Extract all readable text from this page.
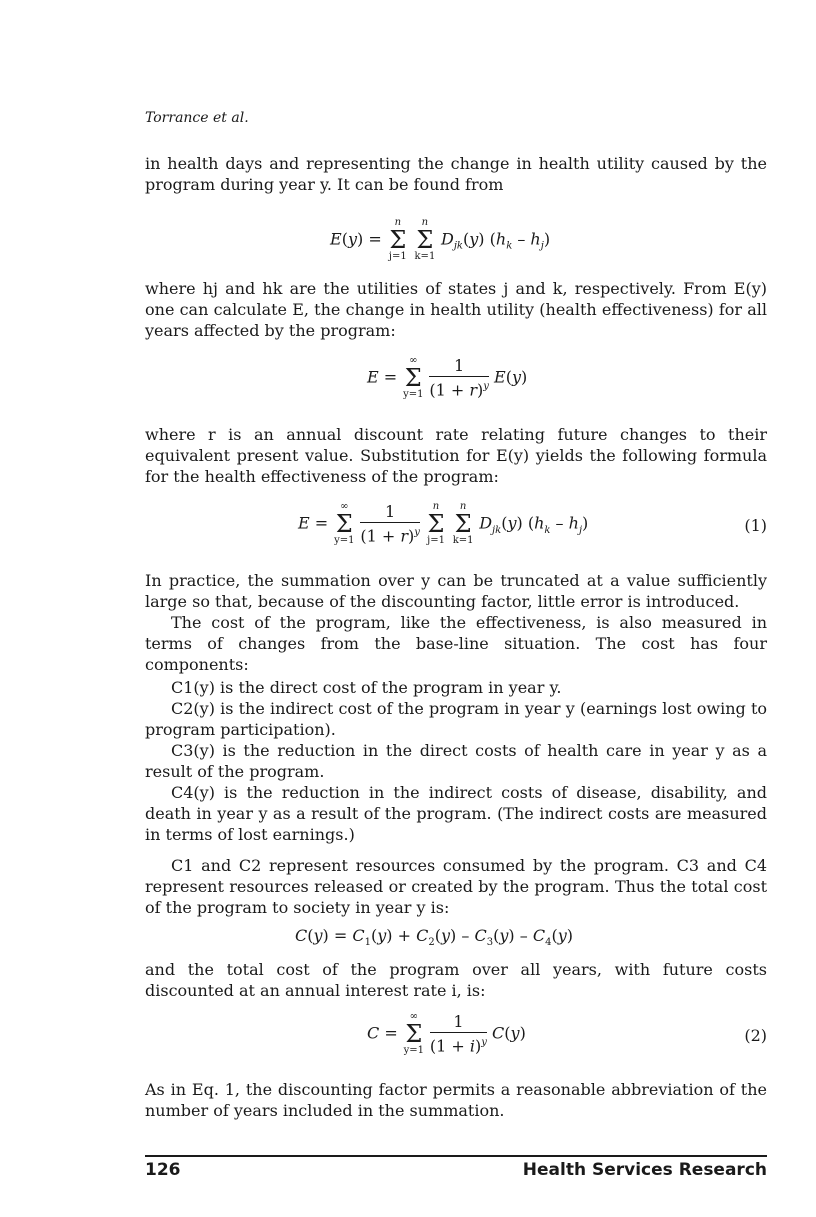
Torrance et al.

in health days and representing the change in health utility caused by the program during year y. It can be found from

E(y) =
n
Σ
j=1

n
Σ
k=1
$D_{jk}(y)$ $(h_k - h_j)$

where hj and hk are the utilities of states j and k, respectively. From E(y) one can calculate E, the change in health utility (health effectiveness) for all years affected by the program:

E =
∞
Σ
y=1
$\frac{1}{(1 + r)^y} E(y)$

where r is an annual discount rate relating future changes to their equivalent present value. Substitution for E(y) yields the following formula for the health effectiveness of the program:

E =
∞
Σ
y=1
$\frac{1}{(1 + r)^y}$
	n
Σ
j=1

n
Σ
k=1
$D_{jk}(y)$ $(h_k - h_j)$	(1)

In practice, the summation over y can be truncated at a value sufficiently large so that, because of the discounting factor, little error is introduced.

The cost of the program, like the effectiveness, is also measured in terms of changes from the base-line situation. The cost has four components:

C1(y) is the direct cost of the program in year y.

C2(y) is the indirect cost of the program in year y (earnings lost owing to program participation).

C3(y) is the reduction in the direct costs of health care in year y as a result of the program.

C4(y) is the reduction in the indirect costs of disease, disability, and death in year y as a result of the program. (The indirect costs are measured in terms of lost earnings.)

C1 and C2 represent resources consumed by the program. C3 and C4 represent resources released or created by the program. Thus the total cost of the program to society in year y is:

$C(y) = C_1(y) + C_2(y) - C_3(y) - C_4(y)$

and the total cost of the program over all years, with future costs discounted at an annual interest rate i, is:

C =
∞
Σ
y=1
$\frac{1}{(1 + i)^y} C(y)$	(2)

As in Eq. 1, the discounting factor permits a reasonable abbreviation of the number of years included in the summation.

126	Health Services Research
